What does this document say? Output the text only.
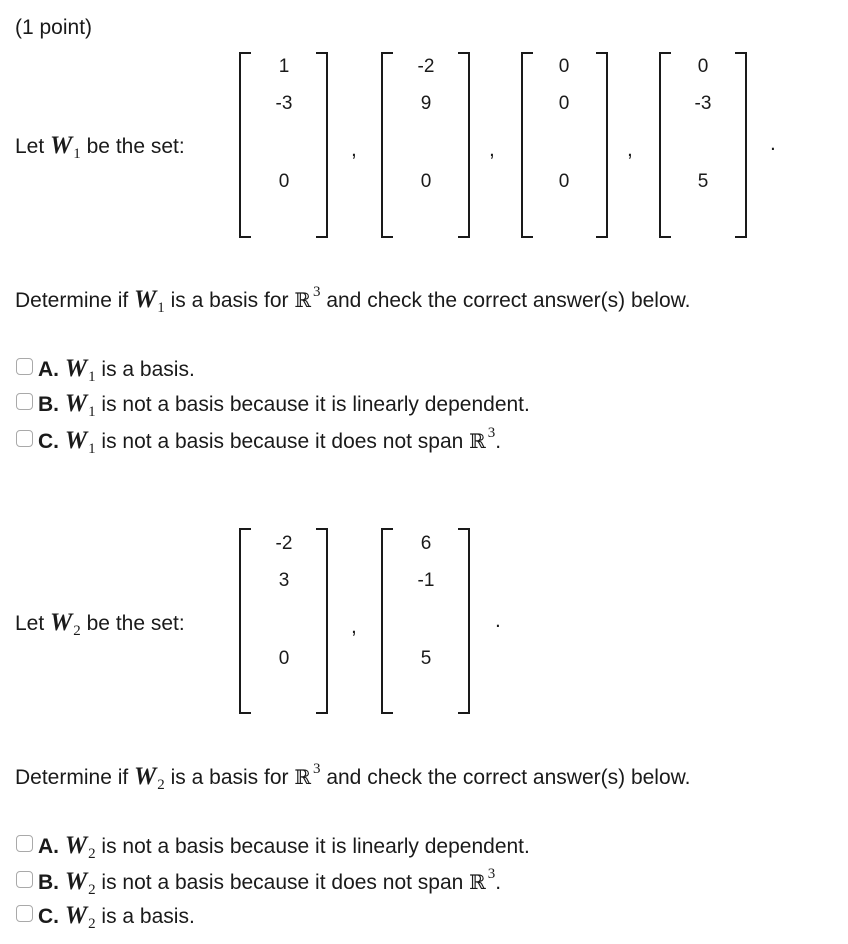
(1 point)
Let $W_1$ be the set:
1
-3
0
,
-2
9
0
,
0
0
0
,
0
-3
5
.
Determine if $W_1$ is a basis for ℝ $^3$ and check the correct answer(s) below.
A. $W_1$ is a basis.
B. $W_1$ is not a basis because it is linearly dependent.
C. $W_1$ is not a basis because it does not span ℝ $^3$.
Let $W_2$ be the set:
-2
3
0
,
6
-1
5
.
Determine if $W_2$ is a basis for ℝ $^3$ and check the correct answer(s) below.
A. $W_2$ is not a basis because it is linearly dependent.
B. $W_2$ is not a basis because it does not span ℝ $^3$.
C. $W_2$ is a basis.
